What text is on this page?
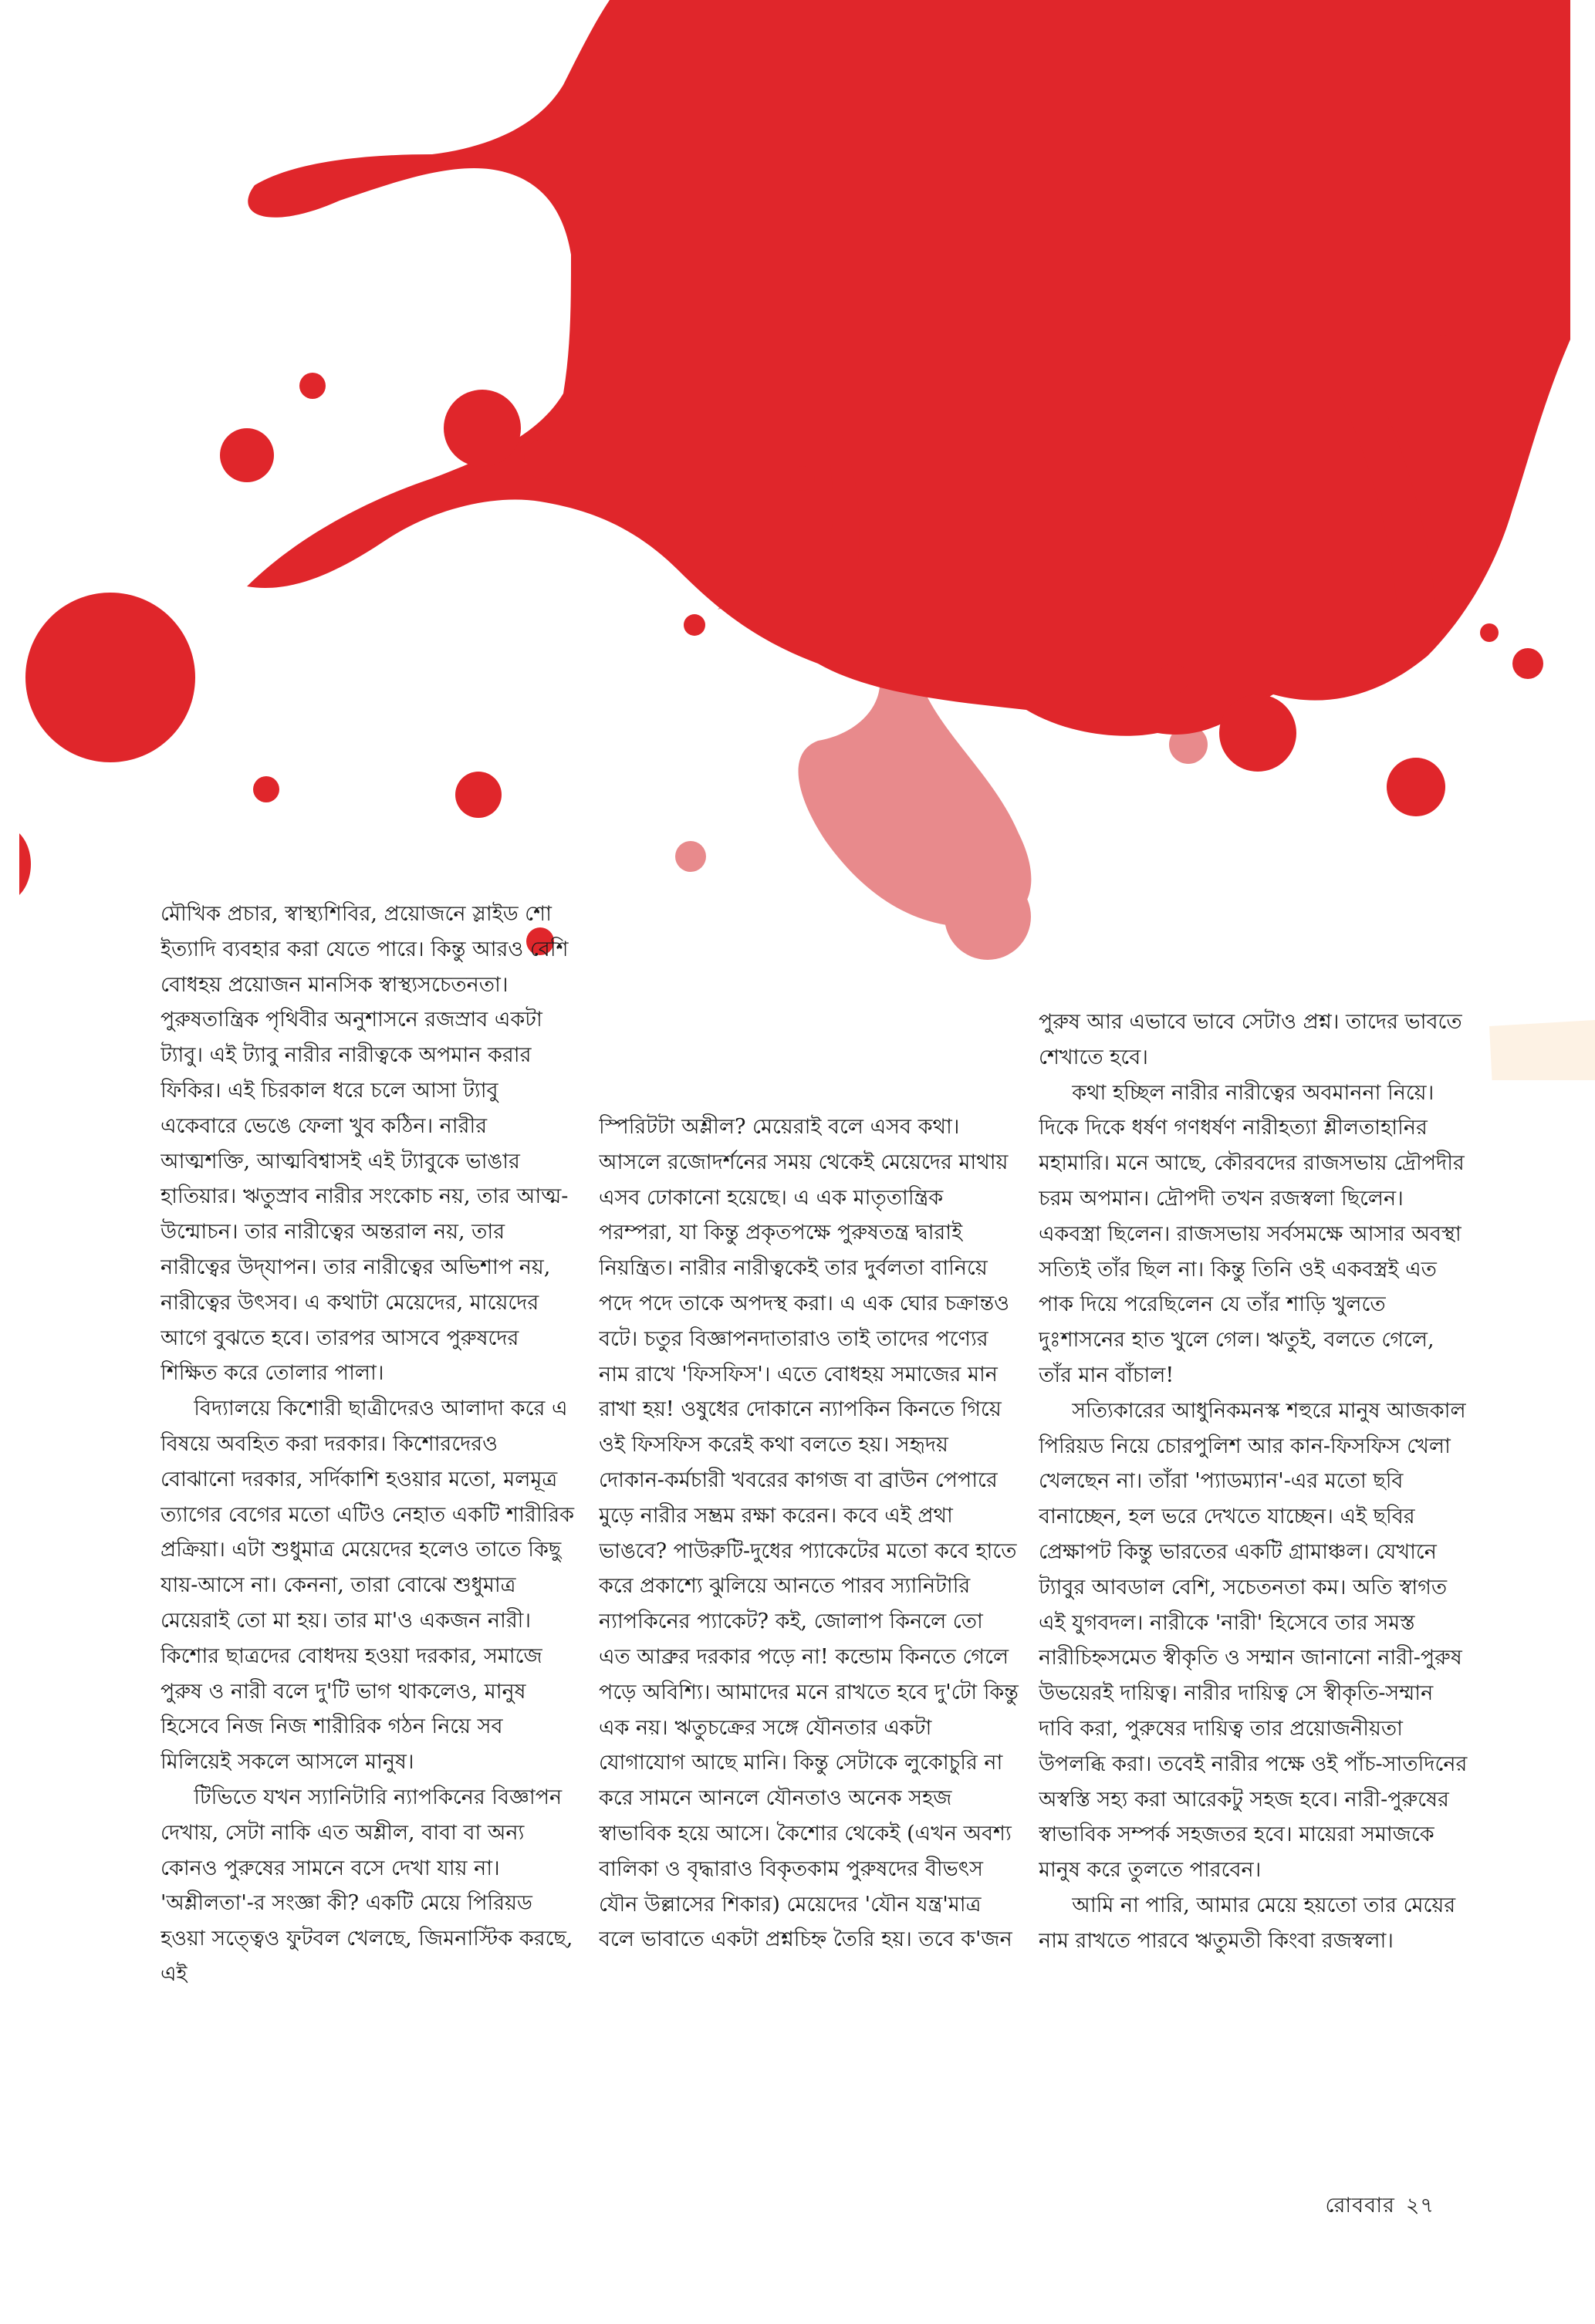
মৌখিক প্রচার, স্বাস্থ্যশিবির, প্রয়োজনে স্লাইড শো ইত্যাদি ব্যবহার করা যেতে পারে। কিন্তু আরও বেশি বোধহয় প্রয়োজন মানসিক স্বাস্থ্যসচেতনতা। পুরুষতান্ত্রিক পৃথিবীর অনুশাসনে রজস্রাব একটা ট্যাবু। এই ট্যাবু নারীর নারীত্বকে অপমান করার ফিকির। এই চিরকাল ধরে চলে আসা ট্যাবু একেবারে ভেঙে ফেলা খুব কঠিন। নারীর আত্মশক্তি, আত্মবিশ্বাসই এই ট্যাবুকে ভাঙার হাতিয়ার। ঋতুস্রাব নারীর সংকোচ নয়, তার আত্ম-উন্মোচন। তার নারীত্বের অন্তরাল নয়, তার নারীত্বের উদ্‌যাপন। তার নারীত্বের অভিশাপ নয়, নারীত্বের উৎসব। এ কথাটা মেয়েদের, মায়েদের আগে বুঝতে হবে। তারপর আসবে পুরুষদের শিক্ষিত করে তোলার পালা।

বিদ্যালয়ে কিশোরী ছাত্রীদেরও আলাদা করে এ বিষয়ে অবহিত করা দরকার। কিশোরদেরও বোঝানো দরকার, সর্দিকাশি হওয়ার মতো, মলমূত্র ত্যাগের বেগের মতো এটিও নেহাত একটি শারীরিক প্রক্রিয়া। এটা শুধুমাত্র মেয়েদের হলেও তাতে কিছু যায়-আসে না। কেননা, তারা বোঝে শুধুমাত্র মেয়েরাই তো মা হয়। তার মা'ও একজন নারী। কিশোর ছাত্রদের বোধদয় হওয়া দরকার, সমাজে পুরুষ ও নারী বলে দু'টি ভাগ থাকলেও, মানুষ হিসেবে নিজ নিজ শারীরিক গঠন নিয়ে সব মিলিয়েই সকলে আসলে মানুষ।

টিভিতে যখন স্যানিটারি ন্যাপকিনের বিজ্ঞাপন দেখায়, সেটা নাকি এত অশ্লীল, বাবা বা অন্য কোনও পুরুষের সামনে বসে দেখা যায় না। 'অশ্লীলতা'-র সংজ্ঞা কী? একটি মেয়ে পিরিয়ড হওয়া সত্ত্বেও ফুটবল খেলছে, জিমনাস্টিক করছে, এই

স্পিরিটটা অশ্লীল? মেয়েরাই বলে এসব কথা। আসলে রজোদর্শনের সময় থেকেই মেয়েদের মাথায় এসব ঢোকানো হয়েছে। এ এক মাতৃতান্ত্রিক পরম্পরা, যা কিন্তু প্রকৃতপক্ষে পুরুষতন্ত্র দ্বারাই নিয়ন্ত্রিত। নারীর নারীত্বকেই তার দুর্বলতা বানিয়ে পদে পদে তাকে অপদস্থ করা। এ এক ঘোর চক্রান্তও বটে। চতুর বিজ্ঞাপনদাতারাও তাই তাদের পণ্যের নাম রাখে 'ফিসফিস'। এতে বোধহয় সমাজের মান রাখা হয়! ওষুধের দোকানে ন্যাপকিন কিনতে গিয়ে ওই ফিসফিস করেই কথা বলতে হয়। সহৃদয় দোকান-কর্মচারী খবরের কাগজ বা ব্রাউন পেপারে মুড়ে নারীর সম্ভ্রম রক্ষা করেন। কবে এই প্রথা ভাঙবে? পাউরুটি-দুধের প্যাকেটের মতো কবে হাতে করে প্রকাশ্যে ঝুলিয়ে আনতে পারব স্যানিটারি ন্যাপকিনের প্যাকেট? কই, জোলাপ কিনলে তো এত আব্রুর দরকার পড়ে না! কন্ডোম কিনতে গেলে পড়ে অবিশ্যি। আমাদের মনে রাখতে হবে দু'টো কিন্তু এক নয়। ঋতুচক্রের সঙ্গে যৌনতার একটা যোগাযোগ আছে মানি। কিন্তু সেটাকে লুকোচুরি না করে সামনে আনলে যৌনতাও অনেক সহজ স্বাভাবিক হয়ে আসে। কৈশোর থেকেই (এখন অবশ্য বালিকা ও বৃদ্ধারাও বিকৃতকাম পুরুষদের বীভৎস যৌন উল্লাসের শিকার) মেয়েদের 'যৌন যন্ত্র'মাত্র বলে ভাবাতে একটা প্রশ্নচিহ্ন তৈরি হয়। তবে ক'জন

পুরুষ আর এভাবে ভাবে সেটাও প্রশ্ন। তাদের ভাবতে শেখাতে হবে।

কথা হচ্ছিল নারীর নারীত্বের অবমাননা নিয়ে। দিকে দিকে ধর্ষণ গণধর্ষণ নারীহত্যা শ্লীলতাহানির মহামারি। মনে আছে, কৌরবদের রাজসভায় দ্রৌপদীর চরম অপমান। দ্রৌপদী তখন রজস্বলা ছিলেন। একবস্ত্রা ছিলেন। রাজসভায় সর্বসমক্ষে আসার অবস্থা সত্যিই তাঁর ছিল না। কিন্তু তিনি ওই একবস্ত্রই এত পাক দিয়ে পরেছিলেন যে তাঁর শাড়ি খুলতে দুঃশাসনের হাত খুলে গেল। ঋতুই, বলতে গেলে, তাঁর মান বাঁচাল!

সত্যিকারের আধুনিকমনস্ক শহুরে মানুষ আজকাল পিরিয়ড নিয়ে চোরপুলিশ আর কান-ফিসফিস খেলা খেলছেন না। তাঁরা 'প্যাডম্যান'-এর মতো ছবি বানাচ্ছেন, হল ভরে দেখতে যাচ্ছেন। এই ছবির প্রেক্ষাপট কিন্তু ভারতের একটি গ্রামাঞ্চল। যেখানে ট্যাবুর আবডাল বেশি, সচেতনতা কম। অতি স্বাগত এই যুগবদল। নারীকে 'নারী' হিসেবে তার সমস্ত নারীচিহ্নসমেত স্বীকৃতি ও সম্মান জানানো নারী-পুরুষ উভয়েরই দায়িত্ব। নারীর দায়িত্ব সে স্বীকৃতি-সম্মান দাবি করা, পুরুষের দায়িত্ব তার প্রয়োজনীয়তা উপলব্ধি করা। তবেই নারীর পক্ষে ওই পাঁচ-সাতদিনের অস্বস্তি সহ্য করা আরেকটু সহজ হবে। নারী-পুরুষের স্বাভাবিক সম্পর্ক সহজতর হবে। মায়েরা সমাজকে মানুষ করে তুলতে পারবেন।

আমি না পারি, আমার মেয়ে হয়তো তার মেয়ের নাম রাখতে পারবে ঋতুমতী কিংবা রজস্বলা।

রোববার ২৭
